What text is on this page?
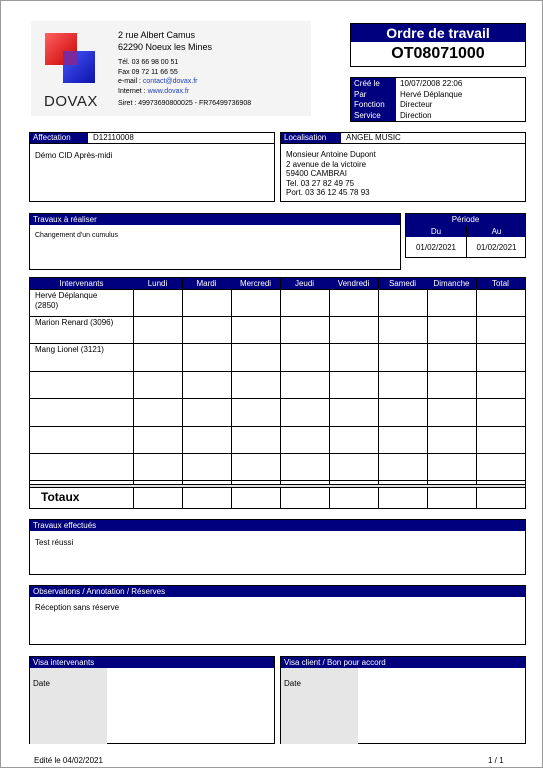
DOVAX
2 rue Albert Camus
62290 Noeux les Mines
Tél. 03 66 98 00 51
Fax 09 72 11 66 55
e-mail : contact@dovax.fr
Internet : www.dovax.fr
Siret : 49973690800025 - FR76499736908
Ordre de travail
OT08071000
Créé le	10/07/2008 22:06
Par	Hervé Déplanque
Fonction Directeur
Service Direction
Affectation	D12110008
Démo CID Après-midi
Localisation	ANGEL MUSIC
Monsieur Antoine Dupont
2 avenue de la victoire
59400 CAMBRAI
Tel. 03 27 82 49 75
Port. 03 36 12 45 78 93
Travaux à réaliser
Changement d'un cumulus
Période
Du	Au
01/02/2021	01/02/2021
Intervenants	Lundi	Mardi	Mercredi	Jeudi	Vendredi	Samedi	Dimanche	Total
Hervé Déplanque
(2850)
Marion Renard (3096)
Mang Lionel (3121)
Totaux
Travaux effectués
Test réussi
Observations / Annotation / Réserves
Réception sans réserve
Visa intervenants
Date
Visa client / Bon pour accord
Date
Edité le 04/02/2021	1 / 1
